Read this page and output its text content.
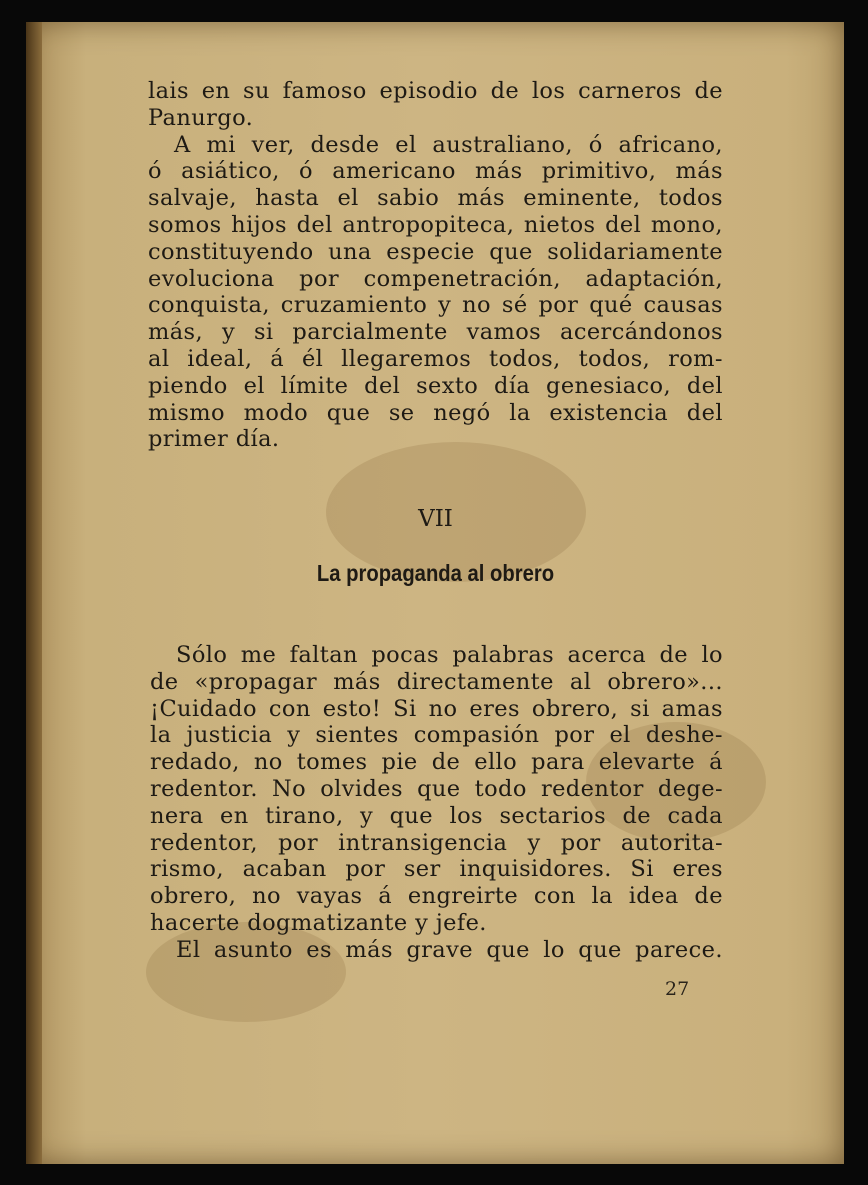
lais en su famoso episodio de los carneros de
Panurgo.
A mi ver, desde el australiano, ó africano,
ó asiático, ó americano más primitivo, más
salvaje, hasta el sabio más eminente, todos
somos hijos del antropopiteca, nietos del mono,
constituyendo una especie que solidariamente
evoluciona por compenetración, adaptación,
conquista, cruzamiento y no sé por qué causas
más, y si parcialmente vamos acercándonos
al ideal, á él llegaremos todos, todos, rom-
piendo el límite del sexto día genesiaco, del
mismo modo que se negó la existencia del
primer día.
VII
La propaganda al obrero
Sólo me faltan pocas palabras acerca de lo
de «propagar más directamente al obrero»...
¡Cuidado con esto! Si no eres obrero, si amas
la justicia y sientes compasión por el deshe-
redado, no tomes pie de ello para elevarte á
redentor. No olvides que todo redentor dege-
nera en tirano, y que los sectarios de cada
redentor, por intransigencia y por autorita-
rismo, acaban por ser inquisidores. Si eres
obrero, no vayas á engreirte con la idea de
hacerte dogmatizante y jefe.
El asunto es más grave que lo que parece.
27
